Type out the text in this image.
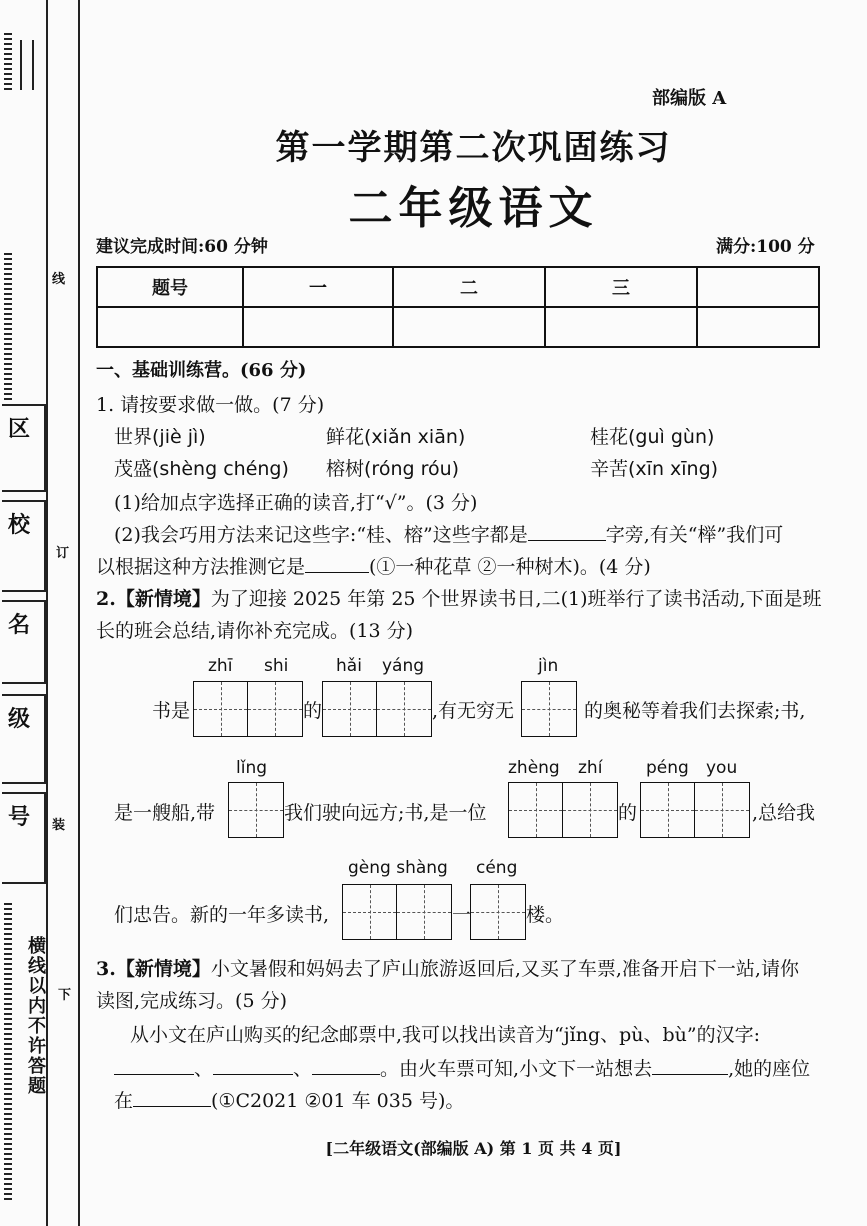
区
校
名
级
号
线
订
装
横线以内不许答题 下
部编版 A
第一学期第二次巩固练习
二年级语文
建议完成时间:60 分钟	满分:100 分
题号	一	二	三	

一、基础训练营。(66 分)
1. 请按要求做一做。(7 分)
世界(jiè jì)	鲜花(xiǎn xiān)	桂花(guì gùn)
茂盛(shèng chéng) 榕树(róng róu)	辛苦(xīn xīng)
(1)给加点字选择正确的读音,打“√”。(3 分)
(2)我会巧用方法来记这些字:“桂、榕”这些字都是	字旁,有关“榉”我们可
以根据这种方法推测它是	(①一种花草 ②一种树木)。(4 分)
2.【新情境】为了迎接 2025 年第 25 个世界读书日,二(1)班举行了读书活动,下面是班
长的班会总结,请你补充完成。(13 分)
zhī shi	hǎi yáng	jìn
书是	的	,有无穷无	的奥秘等着我们去探索;书,
lǐng	zhèng zhí	péng you
是一艘船,带	我们驶向远方;书,是一位	的	,总给我
gèng shàng céng
们忠告。新的一年多读书,	一	楼。
3.【新情境】小文暑假和妈妈去了庐山旅游返回后,又买了车票,准备开启下一站,请你
读图,完成练习。(5 分)
从小文在庐山购买的纪念邮票中,我可以找出读音为“jǐng、pù、bù”的汉字:
、	、	。由火车票可知,小文下一站想去	,她的座位
在	(①C2021 ②01 车 035 号)。
[二年级语文(部编版 A) 第 1 页 共 4 页]
